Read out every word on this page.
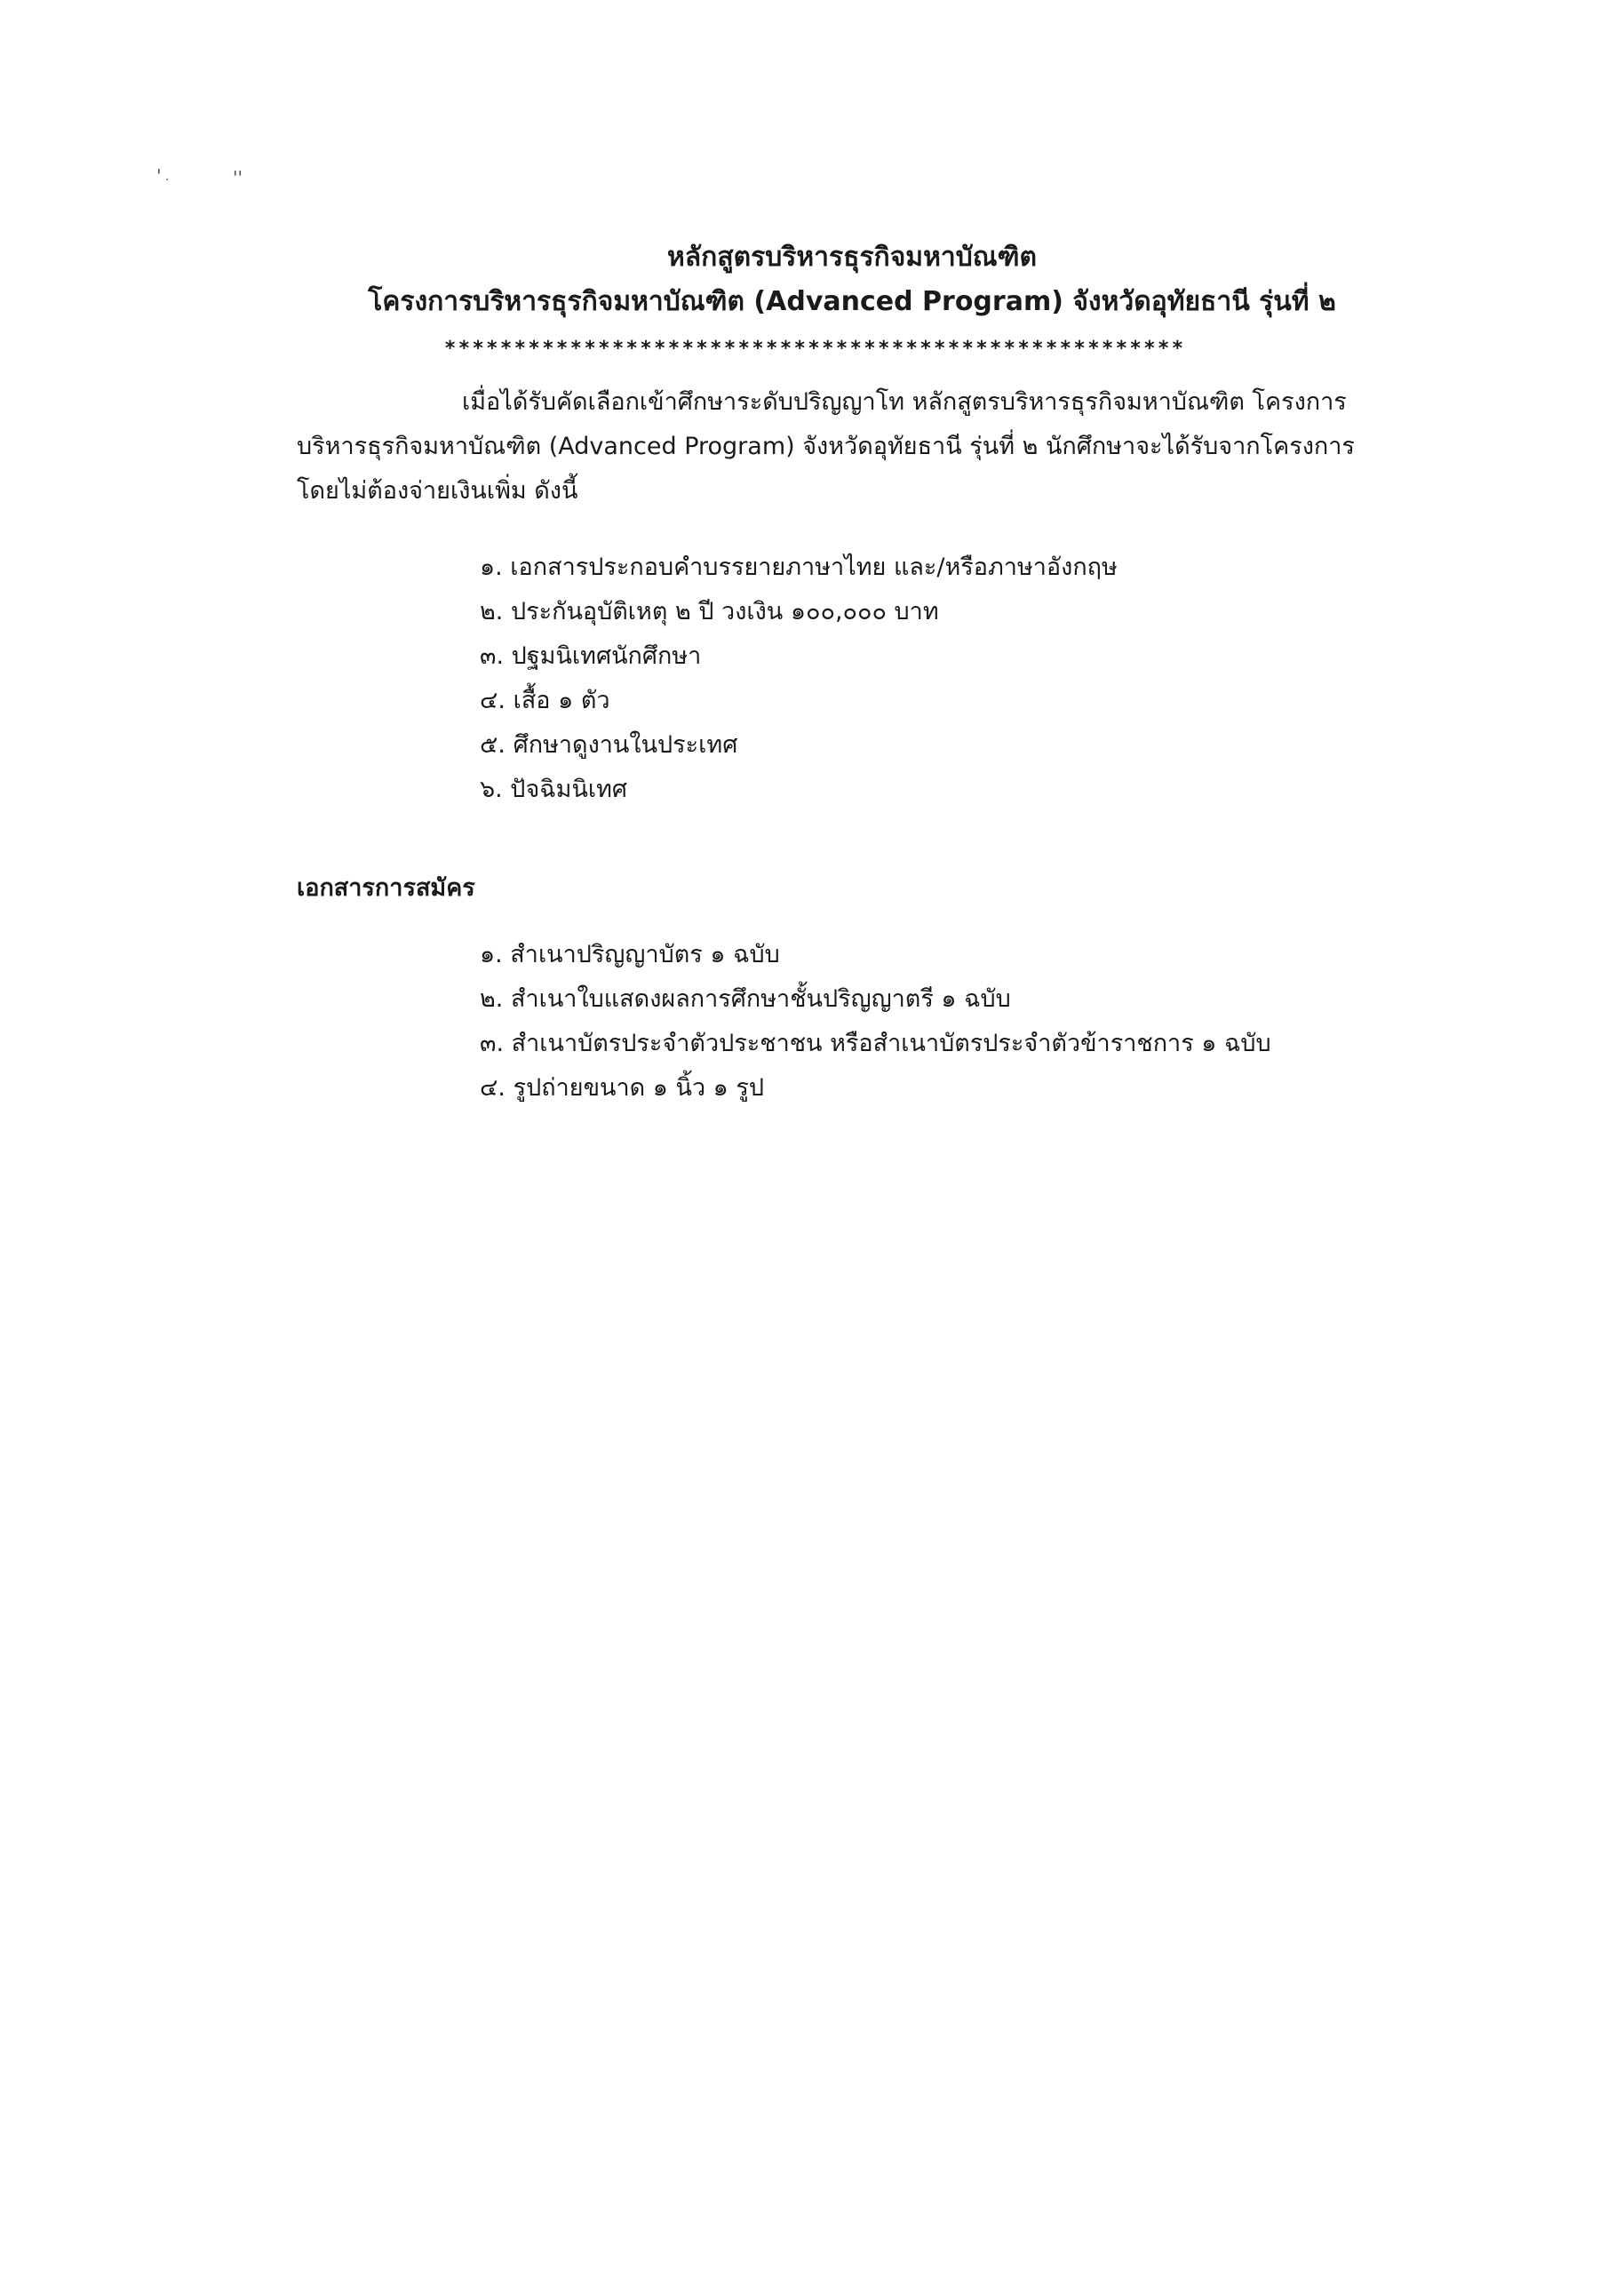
' .	''

หลักสูตรบริหารธุรกิจมหาบัณฑิต

โครงการบริหารธุรกิจมหาบัณฑิต (Advanced Program) จังหวัดอุทัยธานี รุ่นที่ ๒

*****************************************************
เมื่อได้รับคัดเลือกเข้าศึกษาระดับปริญญาโท หลักสูตรบริหารธุรกิจมหาบัณฑิต โครงการ
บริหารธุรกิจมหาบัณฑิต (Advanced Program) จังหวัดอุทัยธานี รุ่นที่ ๒ นักศึกษาจะได้รับจากโครงการ
โดยไม่ต้องจ่ายเงินเพิ่ม ดังนี้
๑. เอกสารประกอบคำบรรยายภาษาไทย และ/หรือภาษาอังกฤษ
๒. ประกันอุบัติเหตุ ๒ ปี วงเงิน ๑๐๐,๐๐๐ บาท
๓. ปฐมนิเทศนักศึกษา
๔. เสื้อ ๑ ตัว
๕. ศึกษาดูงานในประเทศ
๖. ปัจฉิมนิเทศ
เอกสารการสมัคร
๑. สำเนาปริญญาบัตร ๑ ฉบับ
๒. สำเนาใบแสดงผลการศึกษาชั้นปริญญาตรี ๑ ฉบับ
๓. สำเนาบัตรประจำตัวประชาชน หรือสำเนาบัตรประจำตัวข้าราชการ ๑ ฉบับ
๔. รูปถ่ายขนาด ๑ นิ้ว ๑ รูป
